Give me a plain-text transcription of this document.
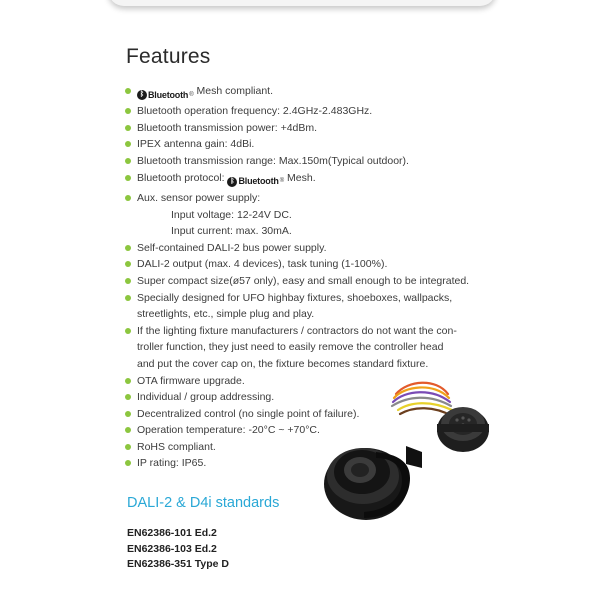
Features
ᛒ Bluetooth ® Mesh compliant.
Bluetooth operation frequency: 2.4GHz-2.483GHz.
Bluetooth transmission power: +4dBm.
IPEX antenna gain: 4dBi.
Bluetooth transmission range: Max.150m(Typical outdoor).
Bluetooth protocol: ᛒ Bluetooth ® Mesh.
Aux. sensor power supply:
Input voltage: 12-24V DC.
Input current: max. 30mA.
Self-contained DALI-2 bus power supply.
DALI-2 output (max. 4 devices), task tuning (1-100%).
Super compact size(ø57 only), easy and small enough to be integrated.
Specially designed for UFO highbay fixtures, shoeboxes, wallpacks,
streetlights, etc., simple plug and play.
If the lighting fixture manufacturers / contractors do not want the con-
troller function, they just need to easily remove the controller head
and put the cover cap on, the fixture becomes standard fixture.
OTA firmware upgrade.
Individual / group addressing.
Decentralized control (no single point of failure).
Operation temperature: -20°C ~ +70°C.
RoHS compliant.
IP rating: IP65.
DALI-2 & D4i standards
EN62386-101 Ed.2
EN62386-103 Ed.2
EN62386-351 Type D
